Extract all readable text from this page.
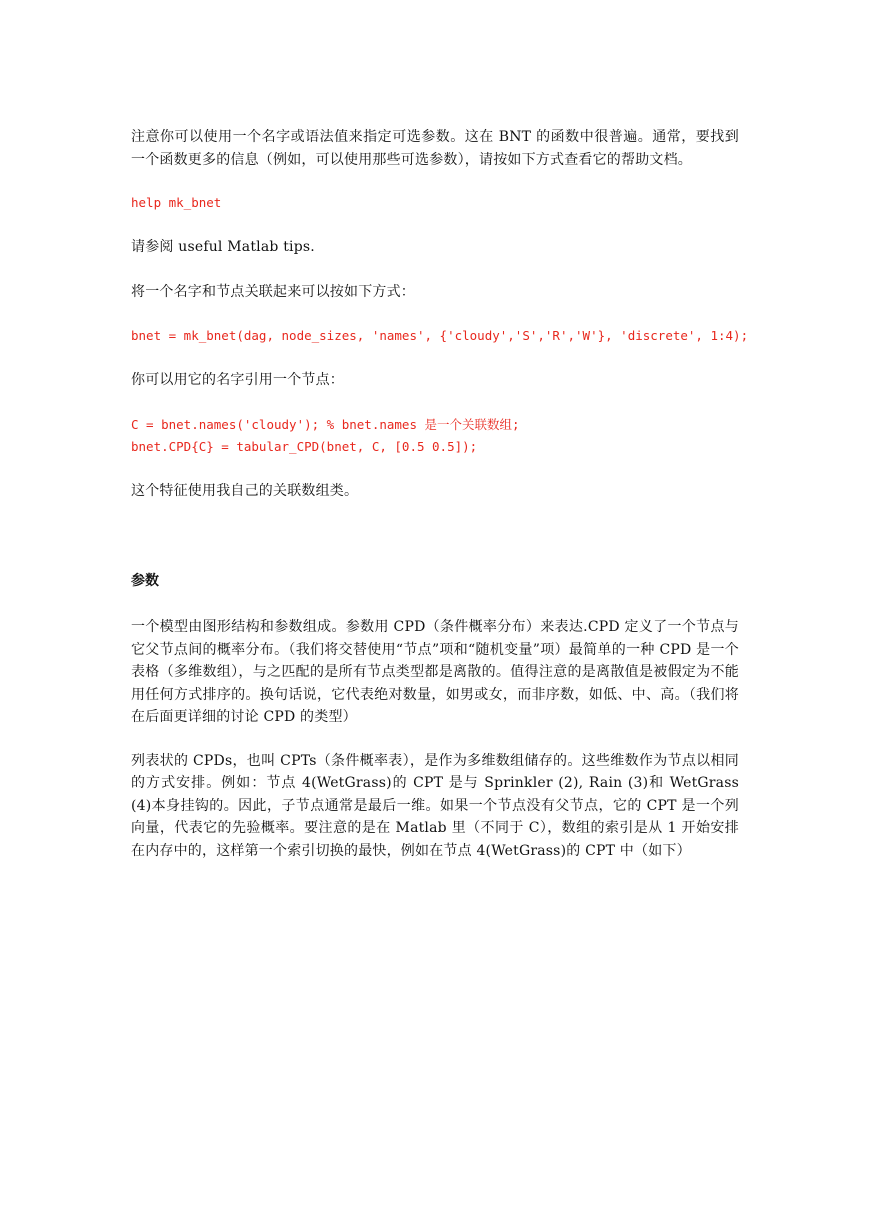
注意你可以使用一个名字或语法值来指定可选参数。这在 BNT 的函数中很普遍。通常，要找到一个函数更多的信息（例如，可以使用那些可选参数），请按如下方式查看它的帮助文档。

help mk_bnet

请参阅 useful Matlab tips.

将一个名字和节点关联起来可以按如下方式：

bnet = mk_bnet(dag, node_sizes, 'names', {'cloudy','S','R','W'}, 'discrete', 1:4);

你可以用它的名字引用一个节点：

C = bnet.names('cloudy'); % bnet.names 是一个关联数组;

bnet.CPD{C} = tabular_CPD(bnet, C, [0.5 0.5]);

这个特征使用我自己的关联数组类。

参数

一个模型由图形结构和参数组成。参数用 CPD（条件概率分布）来表达.CPD 定义了一个节点与它父节点间的概率分布。（我们将交替使用“节点”项和“随机变量”项）最简单的一种 CPD 是一个表格（多维数组），与之匹配的是所有节点类型都是离散的。值得注意的是离散值是被假定为不能用任何方式排序的。换句话说，它代表绝对数量，如男或女，而非序数，如低、中、高。（我们将在后面更详细的讨论 CPD 的类型）

列表状的 CPDs，也叫 CPTs（条件概率表），是作为多维数组储存的。这些维数作为节点以相同的方式安排。例如：节点 4(WetGrass)的 CPT 是与 Sprinkler (2), Rain (3)和 WetGrass (4)本身挂钩的。因此，子节点通常是最后一维。如果一个节点没有父节点，它的 CPT 是一个列向量，代表它的先验概率。要注意的是在 Matlab 里（不同于 C），数组的索引是从 1 开始安排在内存中的，这样第一个索引切换的最快，例如在节点 4(WetGrass)的 CPT 中（如下）
